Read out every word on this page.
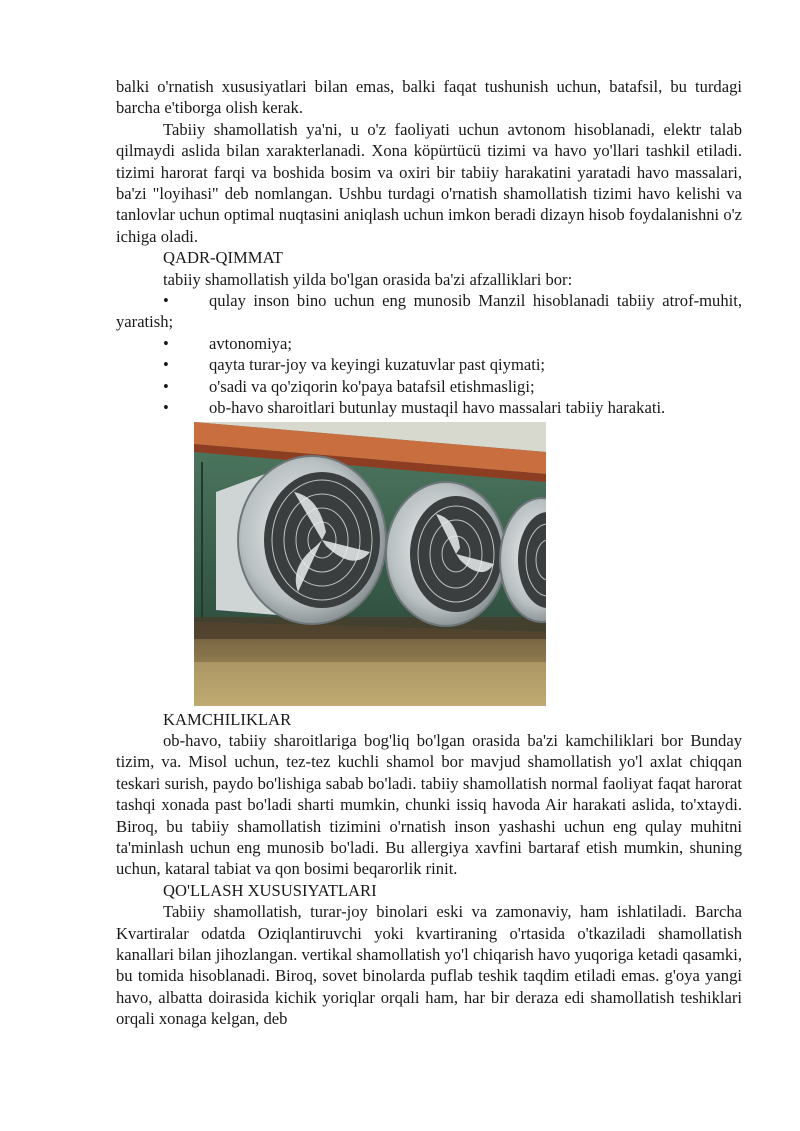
balki o'rnatish xususiyatlari bilan emas, balki faqat tushunish uchun, batafsil, bu turdagi barcha e'tiborga olish kerak.

Tabiiy shamollatish ya'ni, u o'z faoliyati uchun avtonom hisoblanadi, elektr talab qilmaydi aslida bilan xarakterlanadi. Xona köpürtücü tizimi va havo yo'llari tashkil etiladi. tizimi harorat farqi va boshida bosim va oxiri bir tabiiy harakatini yaratadi havo massalari, ba'zi "loyihasi" deb nomlangan. Ushbu turdagi o'rnatish shamollatish tizimi havo kelishi va tanlovlar uchun optimal nuqtasini aniqlash uchun imkon beradi dizayn hisob foydalanishni o'z ichiga oladi.

QADR-QIMMAT

tabiiy shamollatish yilda bo'lgan orasida ba'zi afzalliklari bor:

• qulay inson bino uchun eng munosib Manzil hisoblanadi tabiiy atrof-muhit, yaratish;
• avtonomiya;
• qayta turar-joy va keyingi kuzatuvlar past qiymati;
• o'sadi va qo'ziqorin ko'paya batafsil etishmasligi;
• ob-havo sharoitlari butunlay mustaqil havo massalari tabiiy harakati.

KAMCHILIKLAR

ob-havo, tabiiy sharoitlariga bog'liq bo'lgan orasida ba'zi kamchiliklari bor Bunday tizim, va. Misol uchun, tez-tez kuchli shamol bor mavjud shamollatish yo'l axlat chiqqan teskari surish, paydo bo'lishiga sabab bo'ladi. tabiiy shamollatish normal faoliyat faqat harorat tashqi xonada past bo'ladi sharti mumkin, chunki issiq havoda Air harakati aslida, to'xtaydi. Biroq, bu tabiiy shamollatish tizimini o'rnatish inson yashashi uchun eng qulay muhitni ta'minlash uchun eng munosib bo'ladi. Bu allergiya xavfini bartaraf etish mumkin, shuning uchun, kataral tabiat va qon bosimi beqarorlik rinit.

QO'LLASH XUSUSIYATLARI

Tabiiy shamollatish, turar-joy binolari eski va zamonaviy, ham ishlatiladi. Barcha Kvartiralar odatda Oziqlantiruvchi yoki kvartiraning o'rtasida o'tkaziladi shamollatish kanallari bilan jihozlangan. vertikal shamollatish yo'l chiqarish havo yuqoriga ketadi qasamki, bu tomida hisoblanadi. Biroq, sovet binolarda puflab teshik taqdim etiladi emas. g'oya yangi havo, albatta doirasida kichik yoriqlar orqali ham, har bir deraza edi shamollatish teshiklari orqali xonaga kelgan, deb
